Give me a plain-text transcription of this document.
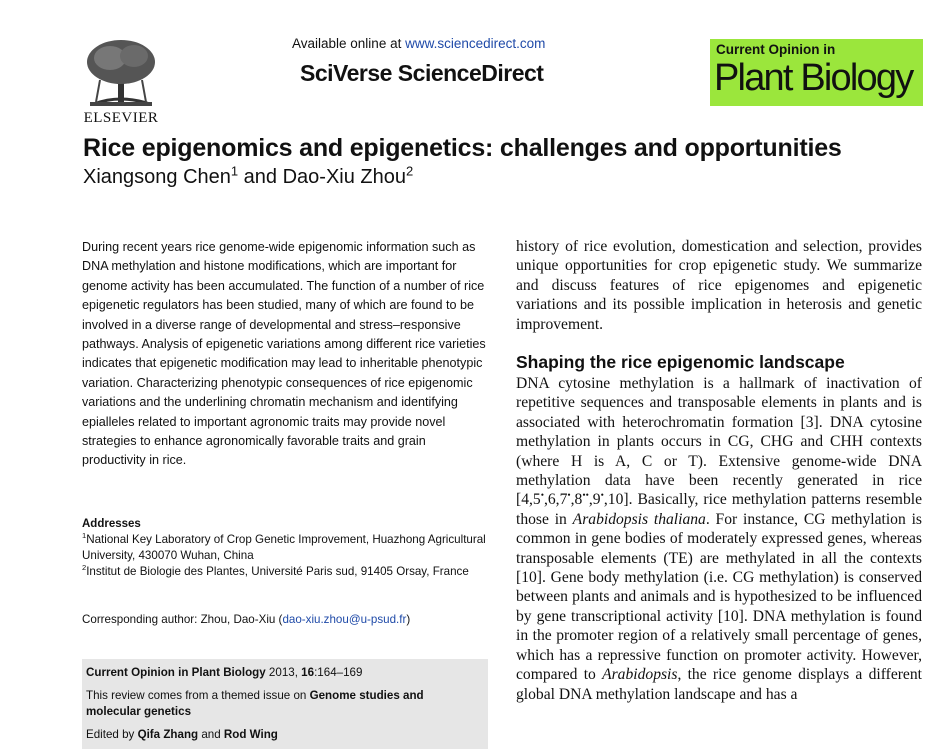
ELSEVIER
Available online at www.sciencedirect.com
SciVerse ScienceDirect
Current Opinion in
Plant Biology
Rice epigenomics and epigenetics: challenges and opportunities
Xiangsong Chen$^1$ and Dao-Xiu Zhou$^2$

During recent years rice genome-wide epigenomic information such as DNA methylation and histone modifications, which are important for genome activity has been accumulated. The function of a number of rice epigenetic regulators has been studied, many of which are found to be involved in a diverse range of developmental and stress–responsive pathways. Analysis of epigenetic variations among different rice varieties indicates that epigenetic modification may lead to inheritable phenotypic variation. Characterizing phenotypic consequences of rice epigenomic variations and the underlining chromatin mechanism and identifying epialleles related to important agronomic traits may provide novel strategies to enhance agronomically favorable traits and grain productivity in rice.

Addresses
$^1$National Key Laboratory of Crop Genetic Improvement, Huazhong Agricultural University, 430070 Wuhan, China
$^2$Institut de Biologie des Plantes, Université Paris sud, 91405 Orsay, France
Corresponding author: Zhou, Dao-Xiu (dao-xiu.zhou@u-psud.fr)
Current Opinion in Plant Biology 2013, 16:164–169
This review comes from a themed issue on Genome studies and molecular genetics
Edited by Qifa Zhang and Rod Wing

history of rice evolution, domestication and selection, provides unique opportunities for crop epigenetic study. We summarize and discuss features of rice epigenomes and epigenetic variations and its possible implication in heterosis and genetic improvement.

Shaping the rice epigenomic landscape

DNA cytosine methylation is a hallmark of inactivation of repetitive sequences and transposable elements in plants and is associated with heterochromatin formation [3]. DNA cytosine methylation in plants occurs in CG, CHG and CHH contexts (where H is A, C or T). Extensive genome-wide DNA methylation data have been recently generated in rice [4,5•,6,7•,8••,9•,10]. Basically, rice methylation patterns resemble those in Arabidopsis thaliana. For instance, CG methylation is common in gene bodies of moderately expressed genes, whereas transposable elements (TE) are methylated in all the contexts [10]. Gene body methylation (i.e. CG methylation) is conserved between plants and animals and is hypothesized to be influenced by gene transcriptional activity [10]. DNA methylation is found in the promoter region of a relatively small percentage of genes, which has a repressive function on promoter activity. However, compared to Arabidopsis, the rice genome displays a different global DNA methylation landscape and has a
